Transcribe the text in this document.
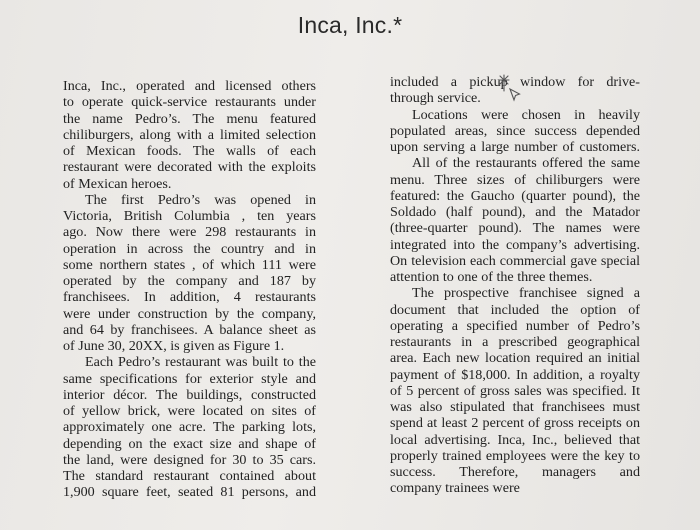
Inca, Inc.*
Inca, Inc., operated and licensed others
to operate quick-service restaurants under
the name Pedro’s. The menu featured
chiliburgers, along with a limited selection
of Mexican foods. The walls of each
restaurant were decorated with the exploits
of Mexican heroes.
The first Pedro’s was opened in
Victoria, British Columbia , ten years
ago. Now there were 298 restaurants in
operation in across the country and in
some northern states , of which 111 were
operated by the company and 187 by
franchisees. In addition, 4 restaurants
were under construction by the company,
and 64 by franchisees. A balance sheet as
of June 30, 20XX, is given as Figure 1.
Each Pedro’s restaurant was built to the
same specifications for exterior style and
interior décor. The buildings, constructed
of yellow brick, were located on sites of
approximately one acre. The parking lots,
depending on the exact size and shape of
the land, were designed for 30 to 35 cars.
The standard restaurant contained about
1,900 square feet, seated 81 persons, and
included a pickup window for drive-
through service.
Locations were chosen in heavily
populated areas, since success depended
upon serving a large number of customers.
All of the restaurants offered the same
menu. Three sizes of chiliburgers were
featured: the Gaucho (quarter pound), the
Soldado (half pound), and the Matador
(three-quarter pound). The names were
integrated into the company’s advertising.
On television each commercial gave special
attention to one of the three themes.
The prospective franchisee signed a
document that included the option of
operating a specified number of Pedro’s
restaurants in a prescribed geographical
area. Each new location required an initial
payment of $18,000. In addition, a royalty
of 5 percent of gross sales was specified. It
was also stipulated that franchisees must
spend at least 2 percent of gross receipts on
local advertising. Inca, Inc., believed that
properly trained employees were the key to
success. Therefore, managers and
company trainees were
